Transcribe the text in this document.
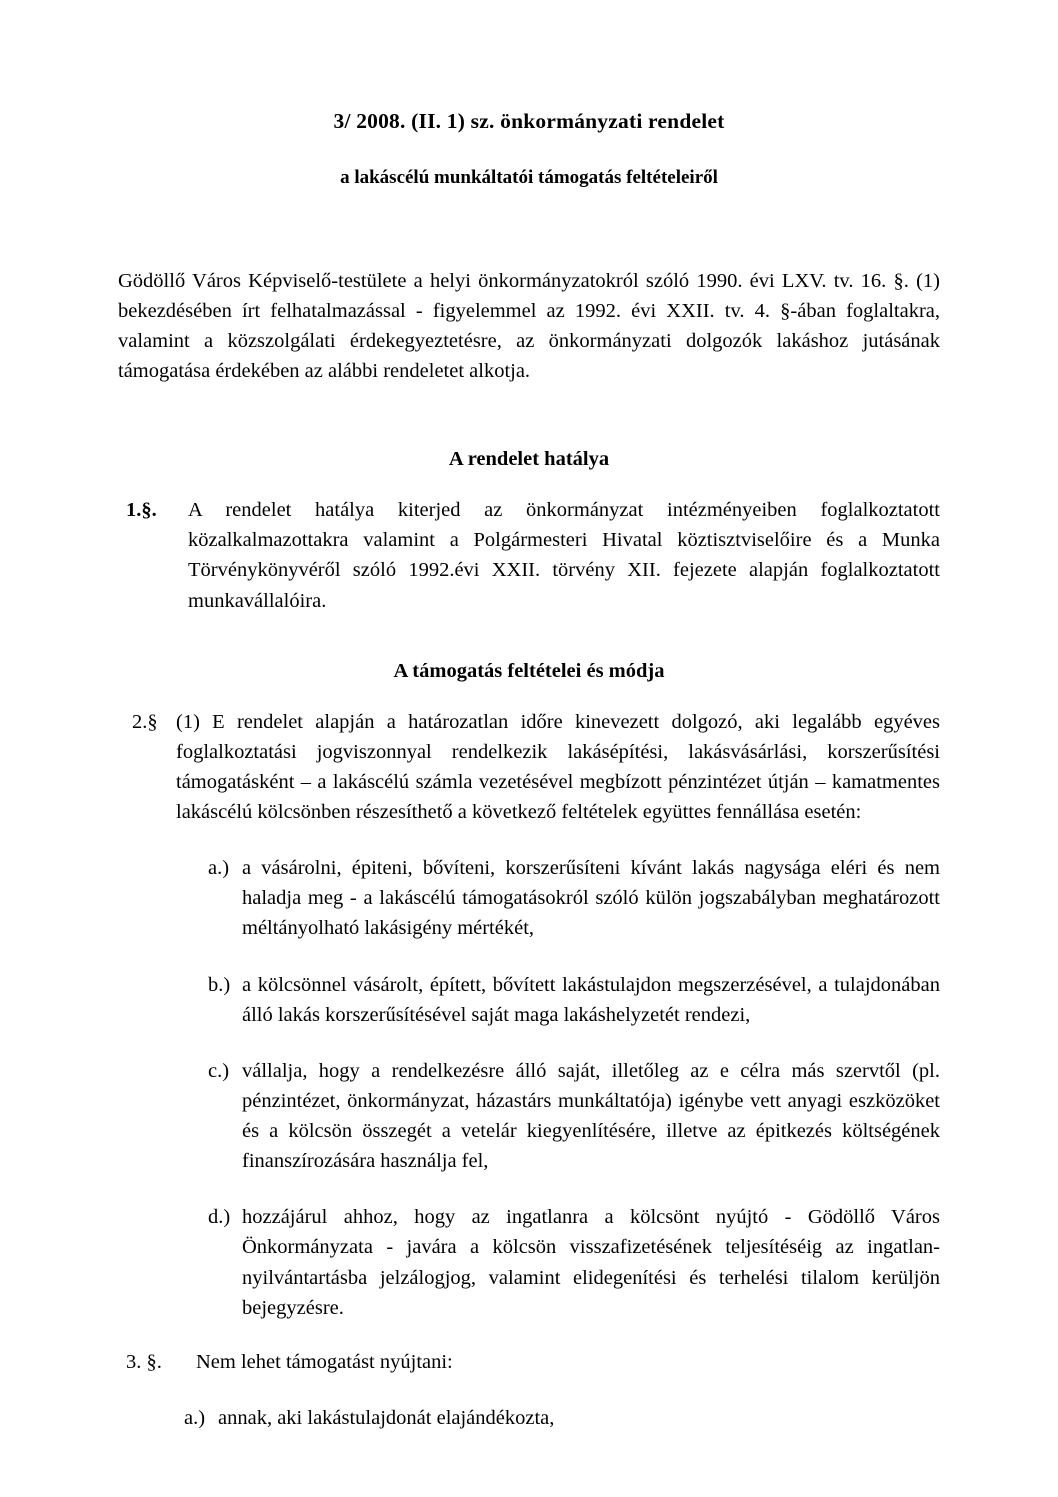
3/ 2008. (II. 1) sz. önkormányzati rendelet
a lakáscélú munkáltatói támogatás feltételeiről

Gödöllő Város Képviselő-testülete a helyi önkormányzatokról szóló 1990. évi LXV. tv. 16. §. (1) bekezdésében írt felhatalmazással - figyelemmel az 1992. évi XXII. tv. 4. §-ában foglaltakra, valamint a közszolgálati érdekegyeztetésre, az önkormányzati dolgozók lakáshoz jutásának támogatása érdekében az alábbi rendeletet alkotja.

A rendelet hatálya
1.§.	A rendelet hatálya kiterjed az önkormányzat intézményeiben foglalkoztatott közalkalmazottakra valamint a Polgármesteri Hivatal köztisztviselőire és a Munka Törvénykönyvéről szóló 1992.évi XXII. törvény XII. fejezete alapján foglalkoztatott munkavállalóira.
A támogatás feltételei és módja
2.§ (1) E rendelet alapján a határozatlan időre kinevezett dolgozó, aki legalább egyéves foglalkoztatási jogviszonnyal rendelkezik lakásépítési, lakásvásárlási, korszerűsítési támogatásként – a lakáscélú számla vezetésével megbízott pénzintézet útján – kamatmentes lakáscélú kölcsönben részesíthető a következő feltételek együttes fennállása esetén:
a.) a vásárolni, épiteni, bővíteni, korszerűsíteni kívánt lakás nagysága eléri és nem haladja meg - a lakáscélú támogatásokról szóló külön jogszabályban meghatározott méltányolható lakásigény mértékét,
b.) a kölcsönnel vásárolt, épített, bővített lakástulajdon megszerzésével, a tulajdonában álló lakás korszerűsítésével saját maga lakáshelyzetét rendezi,
c.) vállalja, hogy a rendelkezésre álló saját, illetőleg az e célra más szervtől (pl. pénzintézet, önkormányzat, házastárs munkáltatója) igénybe vett anyagi eszközöket és a kölcsön összegét a vetelár kiegyenlítésére, illetve az épitkezés költségének finanszírozására használja fel,
d.) hozzájárul ahhoz, hogy az ingatlanra a kölcsönt nyújtó - Gödöllő Város Önkormányzata - javára a kölcsön visszafizetésének teljesítéséig az ingatlan-nyilvántartásba jelzálogjog, valamint elidegenítési és terhelési tilalom kerüljön bejegyzésre.
3. §.	Nem lehet támogatást nyújtani:
a.) annak, aki lakástulajdonát elajándékozta,
